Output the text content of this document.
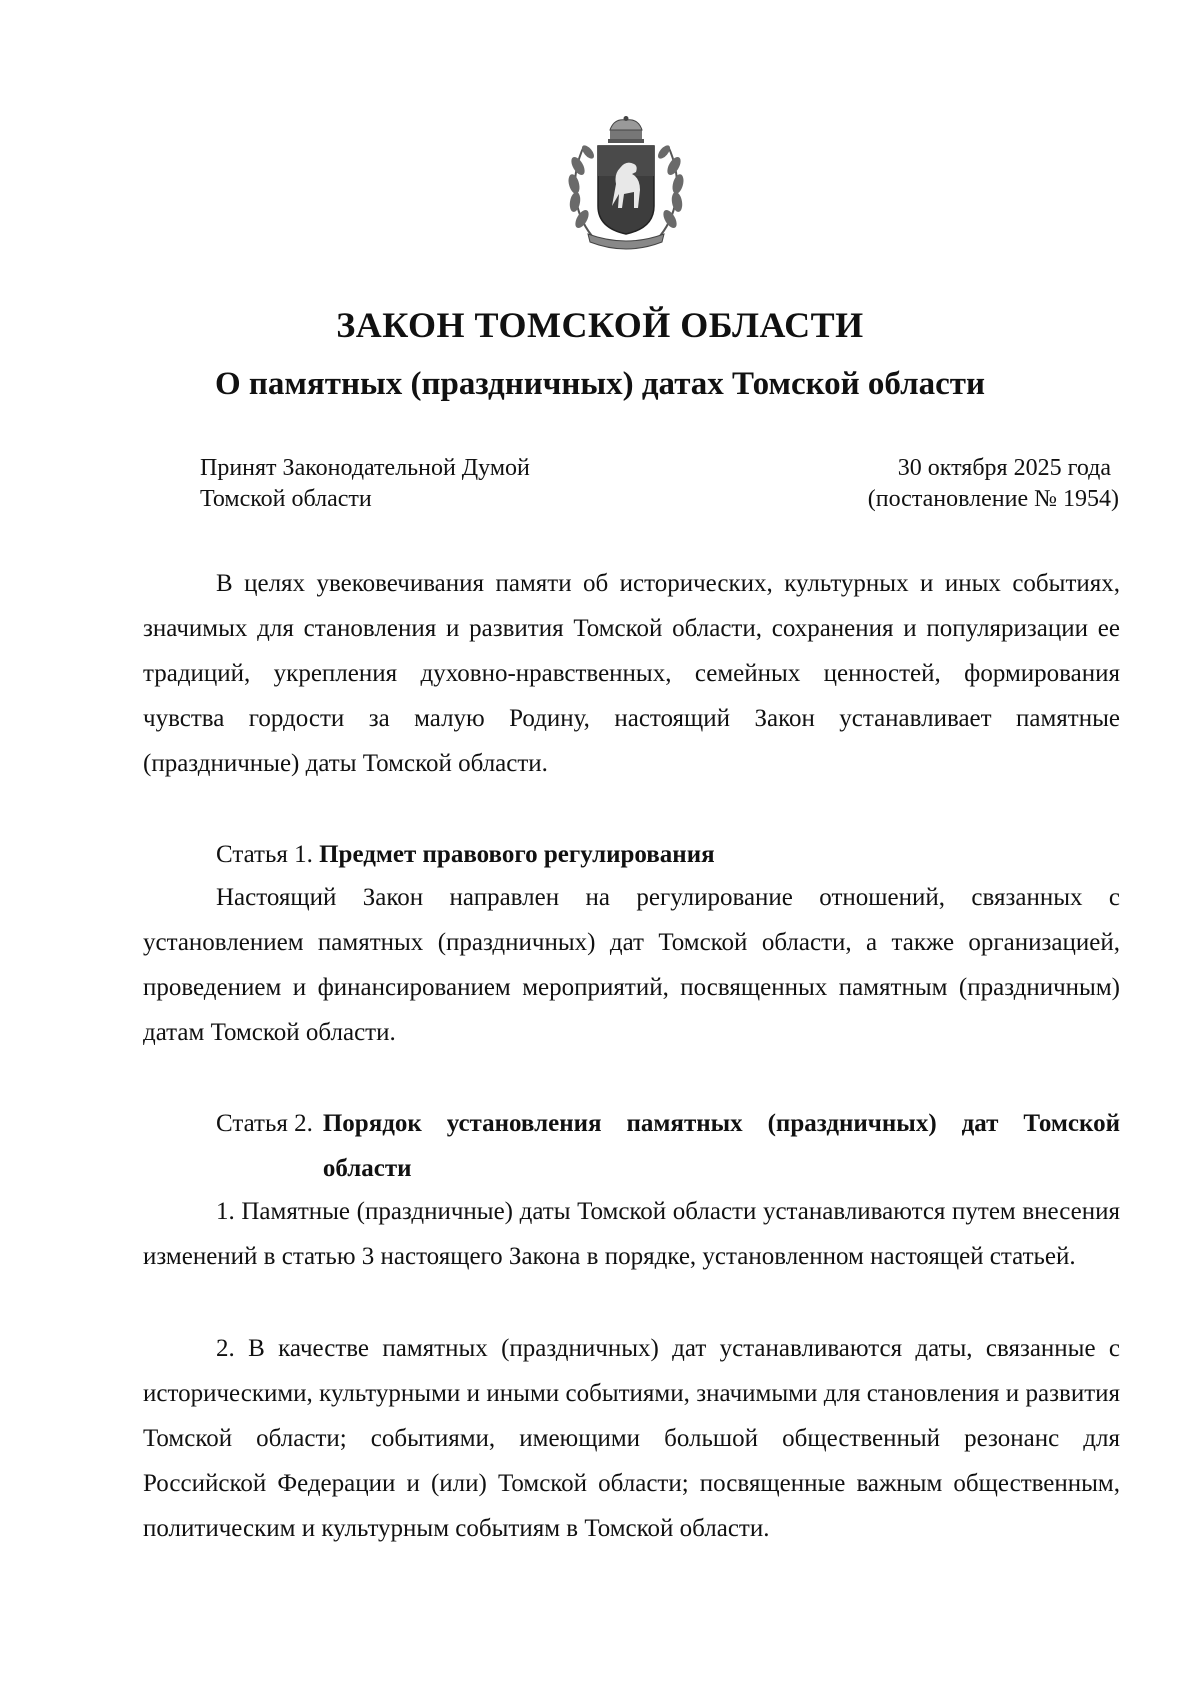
ЗАКОН ТОМСКОЙ ОБЛАСТИ
О памятных (праздничных) датах Томской области
Принят Законодательной Думой
Томской области
30 октября 2025 года
(постановление № 1954)

В целях увековечивания памяти об исторических, культурных и иных событиях, значимых для становления и развития Томской области, сохранения и популяризации ее традиций, укрепления духовно-нравственных, семейных ценностей, формирования чувства гордости за малую Родину, настоящий Закон устанавливает памятные (праздничные) даты Томской области.

Статья 1. Предмет правового регулирования

Настоящий Закон направлен на регулирование отношений, связанных с установлением памятных (праздничных) дат Томской области, а также организацией, проведением и финансированием мероприятий, посвященных памятным (праздничным) датам Томской области.

Статья 2. Порядок установления памятных (праздничных) дат Томской области

1. Памятные (праздничные) даты Томской области устанавливаются путем внесения изменений в статью 3 настоящего Закона в порядке, установленном настоящей статьей.

2. В качестве памятных (праздничных) дат устанавливаются даты, связанные с историческими, культурными и иными событиями, значимыми для становления и развития Томской области; событиями, имеющими большой общественный резонанс для Российской Федерации и (или) Томской области; посвященные важным общественным, политическим и культурным событиям в Томской области.
